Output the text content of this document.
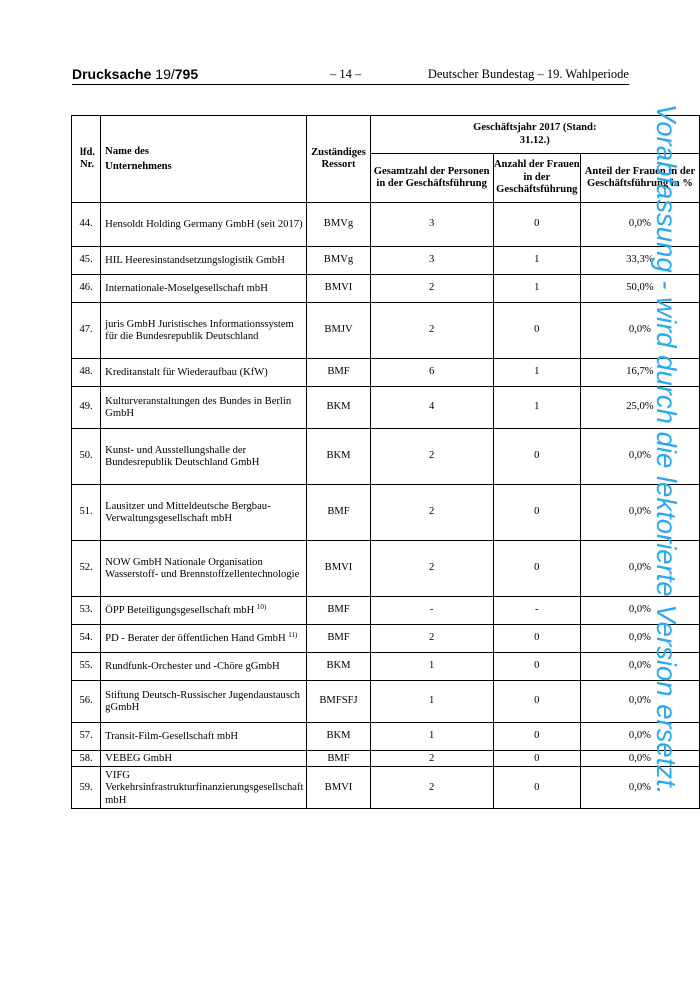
Drucksache 19/795	– 14 –	Deutscher Bundestag – 19. Wahlperiode
lfd. Nr.	Name des Unternehmens	Zuständiges Ressort	Geschäftsjahr 2017 (Stand: 31.12.)		
			Gesamtzahl der Personen in der Geschäftsführung	Anzahl der Frauen in der Geschäftsführung	Anteil der Frauen in der Geschäftsführung in %
44.	Hensoldt Holding Germany GmbH (seit 2017)	BMVg	3	0	0,0%
45.	HIL Heeresinstandsetzungslogistik GmbH	BMVg	3	1	33,3%
46.	Internationale-Moselgesellschaft mbH	BMVI	2	1	50,0%
47.	juris GmbH Juristisches Informationssystem für die Bundesrepublik Deutschland	BMJV	2	0	0,0%
48.	Kreditanstalt für Wiederaufbau (KfW)	BMF	6	1	16,7%
49.	Kulturveranstaltungen des Bundes in Berlin GmbH	BKM	4	1	25,0%
50.	Kunst- und Ausstellungshalle der Bundesrepublik Deutschland GmbH	BKM	2	0	0,0%
51.	Lausitzer und Mitteldeutsche Bergbau-Verwaltungsgesellschaft mbH	BMF	2	0	0,0%
52.	NOW GmbH Nationale Organisation Wasserstoff- und Brennstoffzellentechnologie	BMVI	2	0	0,0%
53.	ÖPP Beteiligungsgesellschaft mbH $^{10)}$	BMF	-	-	0,0%
54.	PD - Berater der öffentlichen Hand GmbH $^{11)}$	BMF	2	0	0,0%
55.	Rundfunk-Orchester und -Chöre gGmbH	BKM	1	0	0,0%
56.	Stiftung Deutsch-Russischer Jugendaustausch gGmbH	BMFSFJ	1	0	0,0%
57.	Transit-Film-Gesellschaft mbH	BKM	1	0	0,0%
58.	VEBEG GmbH	BMF	2	0	0,0%
59.	VIFG Verkehrsinfrastrukturfinanzierungsgesellschaft mbH	BMVI	2	0	0,0% Vorabfassung - wird durch die lektorierte Version ersetzt.
